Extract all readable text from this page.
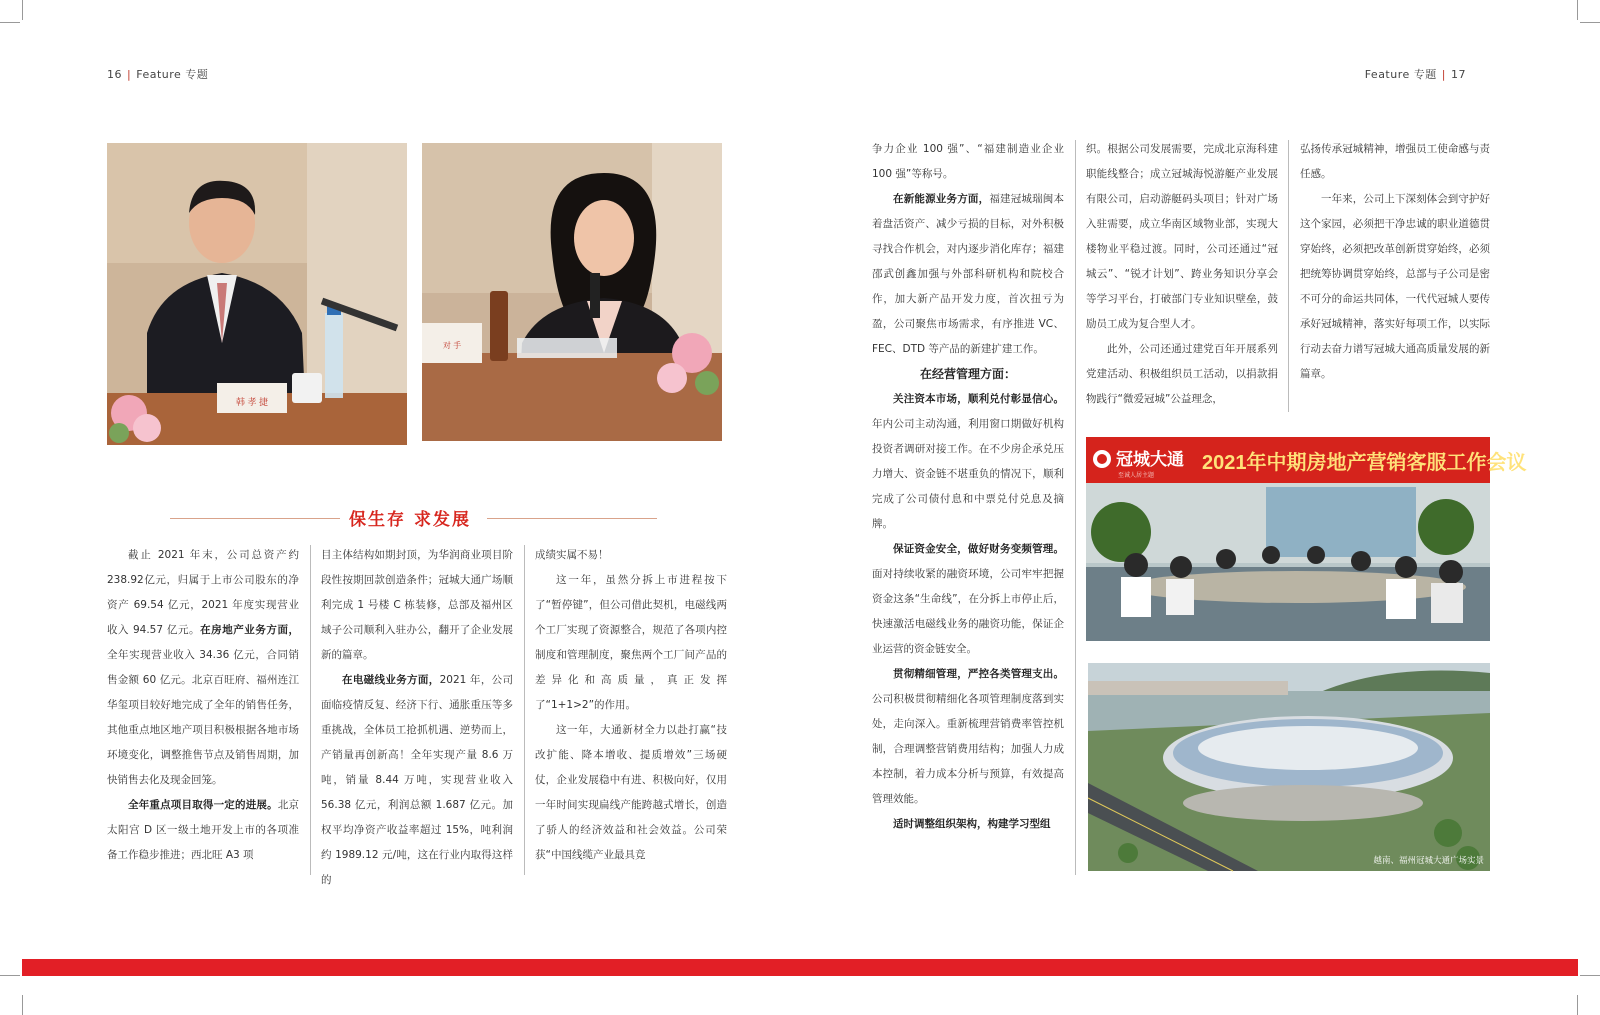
16 | Feature 专题	Feature 专题 | 17
韩 孝 捷
对 手
保生存 求发展

截止 2021 年末，公司总资产约238.92亿元，归属于上市公司股东的净资产 69.54 亿元，2021 年度实现营业收入 94.57 亿元。在房地产业务方面，全年实现营业收入 34.36 亿元，合同销售金额 60 亿元。北京百旺府、福州连江华玺项目较好地完成了全年的销售任务，其他重点地区地产项目积极根据各地市场环境变化，调整推售节点及销售周期，加快销售去化及现金回笼。

全年重点项目取得一定的进展。北京太阳宫 D 区一级土地开发上市的各项准备工作稳步推进；西北旺 A3 项

目主体结构如期封顶，为华润商业项目阶段性按期回款创造条件；冠城大通广场顺利完成 1 号楼 C 栋装修，总部及福州区域子公司顺利入驻办公，翻开了企业发展新的篇章。

在电磁线业务方面，2021 年，公司面临疫情反复、经济下行、通胀重压等多重挑战，全体员工抢抓机遇、逆势而上，产销量再创新高！全年实现产量 8.6 万吨，销量 8.44 万吨，实现营业收入 56.38 亿元，利润总额 1.687 亿元。加权平均净资产收益率超过 15%，吨利润约 1989.12 元/吨，这在行业内取得这样的

成绩实属不易！

这一年，虽然分拆上市进程按下了“暂停键”，但公司借此契机，电磁线两个工厂实现了资源整合，规范了各项内控制度和管理制度，聚焦两个工厂间产品的差异化和高质量，真正发挥了“1+1>2”的作用。

这一年，大通新材全力以赴打赢“技改扩能、降本增收、提质增效”三场硬仗，企业发展稳中有进、积极向好，仅用一年时间实现扁线产能跨越式增长，创造了骄人的经济效益和社会效益。公司荣获“中国线缆产业最具竞

争力企业 100 强”、“福建制造业企业 100 强”等称号。

在新能源业务方面，福建冠城瑞闽本着盘活资产、减少亏损的目标，对外积极寻找合作机会，对内逐步消化库存；福建邵武创鑫加强与外部科研机构和院校合作，加大新产品开发力度，首次扭亏为盈，公司聚焦市场需求，有序推进 VC、FEC、DTD 等产品的新建扩建工作。

在经营管理方面：

关注资本市场，顺利兑付彰显信心。年内公司主动沟通，利用窗口期做好机构投资者调研对接工作。在不少房企承兑压力增大、资金链不堪重负的情况下，顺利完成了公司债付息和中票兑付兑息及摘牌。

保证资金安全，做好财务变频管理。面对持续收紧的融资环境，公司牢牢把握资金这条“生命线”，在分拆上市停止后，快速激活电磁线业务的融资功能，保证企业运营的资金链安全。

贯彻精细管理，严控各类管理支出。公司积极贯彻精细化各项管理制度落到实处，走向深入。重新梳理营销费率管控机制，合理调整营销费用结构；加强人力成本控制，着力成本分析与预算，有效提高管理效能。

适时调整组织架构，构建学习型组

织。根据公司发展需要，完成北京海科建职能线整合；成立冠城海悦游艇产业发展有限公司，启动游艇码头项目；针对广场入驻需要，成立华南区域物业部，实现大楼物业平稳过渡。同时，公司还通过“冠城云”、“锐才计划”、跨业务知识分享会等学习平台，打破部门专业知识壁垒，鼓励员工成为复合型人才。

此外，公司还通过建党百年开展系列党建活动、积极组织员工活动，以捐款捐物践行“微爱冠城”公益理念，

弘扬传承冠城精神，增强员工使命感与责任感。

一年来，公司上下深刻体会到守护好这个家园，必须把干净忠诚的职业道德贯穿始终，必须把改革创新贯穿始终，必须把统筹协调贯穿始终，总部与子公司是密不可分的命运共同体，一代代冠城人要传承好冠城精神，落实好每项工作，以实际行动去奋力谱写冠城大通高质量发展的新篇章。

冠城大通
至诚人居主题
2021年中期房地产营销客服工作会议
越南、福州冠城大通广场实景
